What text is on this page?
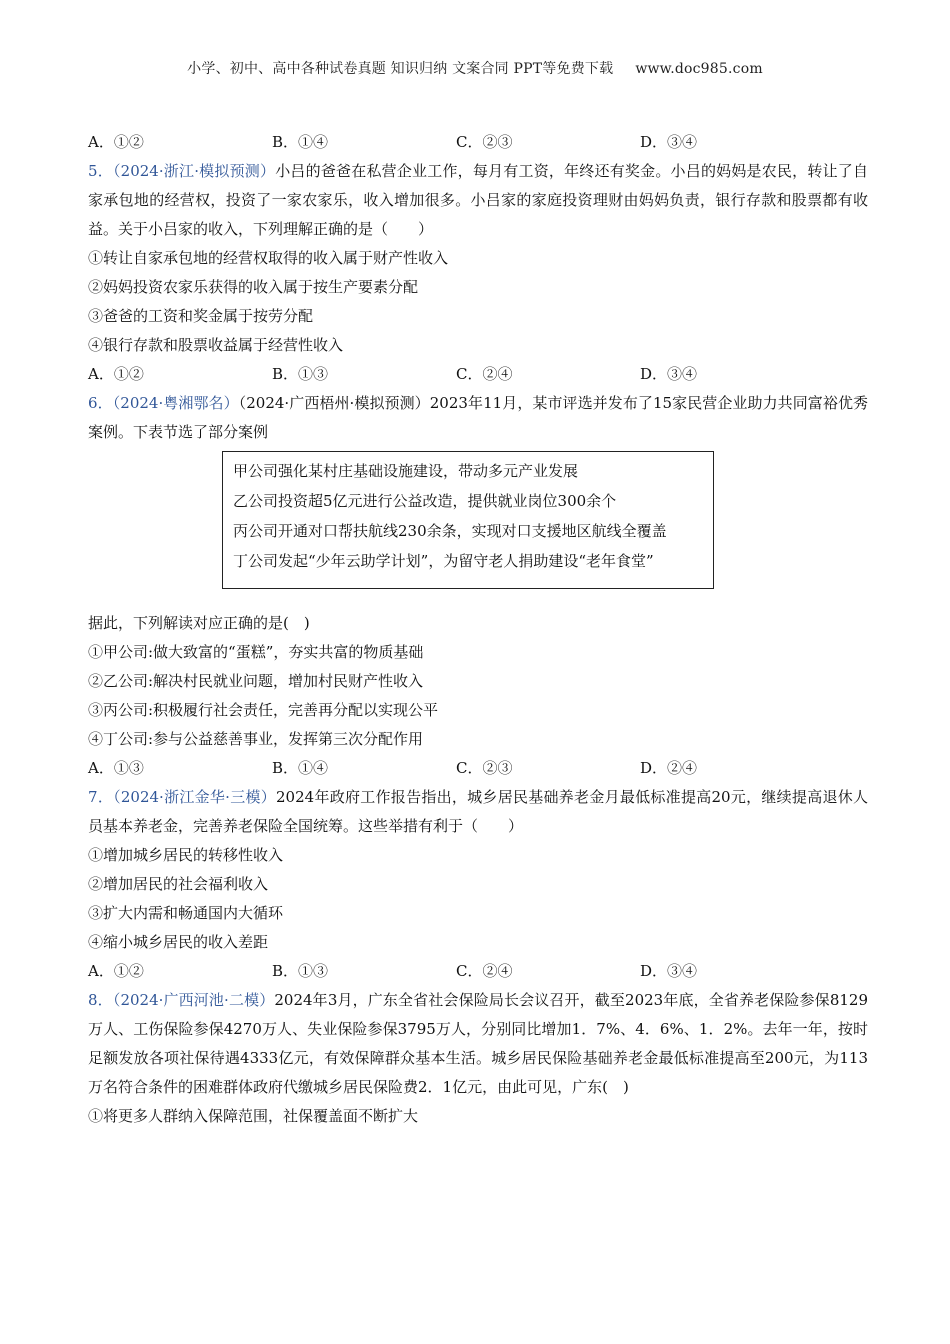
小学、初中、高中各种试卷真题 知识归纳 文案合同 PPT等免费下载 www.doc985.com
A．①②	B．①④	C．②③	D．③④
5．（2024·浙江·模拟预测）小吕的爸爸在私营企业工作，每月有工资，年终还有奖金。小吕的妈妈是农民，转让了自家承包地的经营权，投资了一家农家乐，收入增加很多。小吕家的家庭投资理财由妈妈负责，银行存款和股票都有收益。关于小吕家的收入，下列理解正确的是（　　）
①转让自家承包地的经营权取得的收入属于财产性收入
②妈妈投资农家乐获得的收入属于按生产要素分配
③爸爸的工资和奖金属于按劳分配
④银行存款和股票收益属于经营性收入
A．①②	B．①③	C．②④	D．③④
6．（2024·粤湘鄂名）（2024·广西梧州·模拟预测）2023年11月，某市评选并发布了15家民营企业助力共同富裕优秀案例。下表节选了部分案例
甲公司强化某村庄基础设施建设，带动多元产业发展
乙公司投资超5亿元进行公益改造，提供就业岗位300余个
丙公司开通对口帮扶航线230余条，实现对口支援地区航线全覆盖
丁公司发起“少年云助学计划”，为留守老人捐助建设“老年食堂”
据此，下列解读对应正确的是(　)
①甲公司:做大致富的“蛋糕”，夯实共富的物质基础
②乙公司:解决村民就业问题，增加村民财产性收入
③丙公司:积极履行社会责任，完善再分配以实现公平
④丁公司:参与公益慈善事业，发挥第三次分配作用
A．①③	B．①④	C．②③	D．②④
7．（2024·浙江金华·三模）2024年政府工作报告指出，城乡居民基础养老金月最低标准提高20元，继续提高退休人员基本养老金，完善养老保险全国统筹。这些举措有利于（　　）
①增加城乡居民的转移性收入
②增加居民的社会福利收入
③扩大内需和畅通国内大循环
④缩小城乡居民的收入差距
A．①②	B．①③	C．②④	D．③④
8．（2024·广西河池·二模）2024年3月，广东全省社会保险局长会议召开，截至2023年底，全省养老保险参保8129万人、工伤保险参保4270万人、失业保险参保3795万人，分别同比增加1．7%、4．6%、1．2%。去年一年，按时足额发放各项社保待遇4333亿元，有效保障群众基本生活。城乡居民保险基础养老金最低标准提高至200元，为113万名符合条件的困难群体政府代缴城乡居民保险费2．1亿元，由此可见，广东(　)
①将更多人群纳入保障范围，社保覆盖面不断扩大
